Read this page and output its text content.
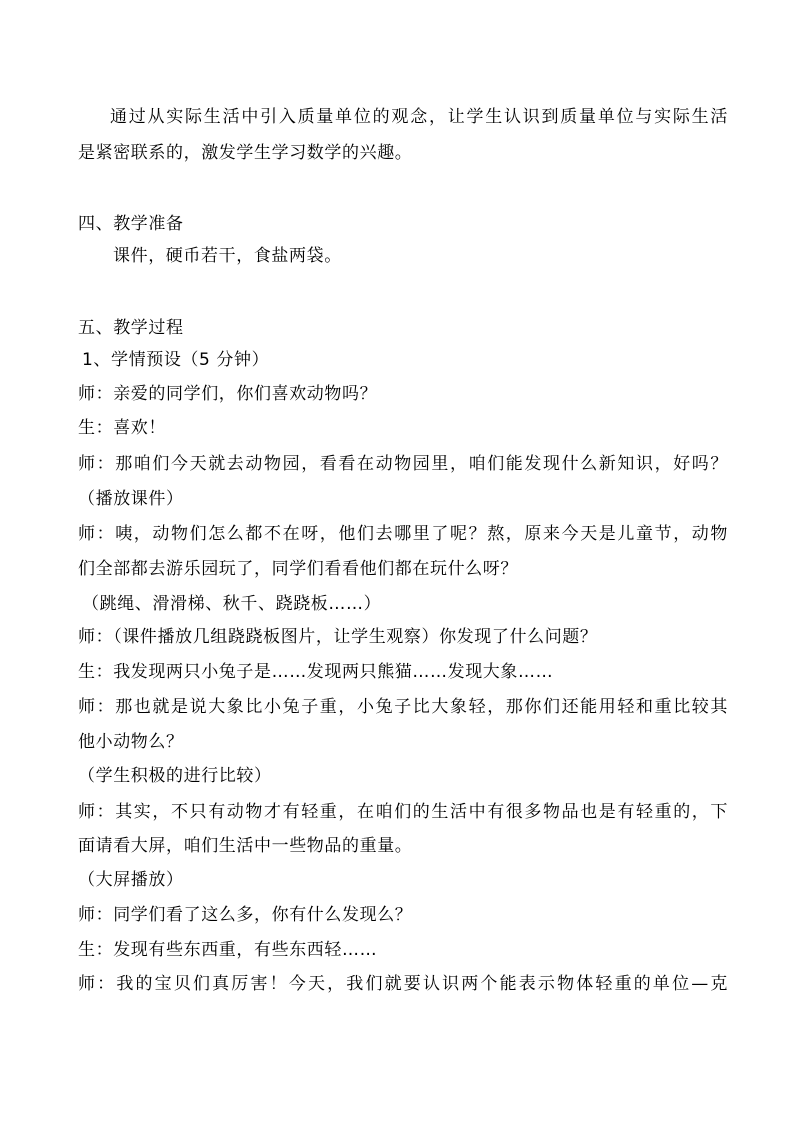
通过从实际生活中引入质量单位的观念，让学生认识到质量单位与实际生活
是紧密联系的，激发学生学习数学的兴趣。
四、教学准备
课件，硬币若干，食盐两袋。
五、教学过程
1、学情预设（5 分钟）
师：亲爱的同学们，你们喜欢动物吗？
生：喜欢！
师：那咱们今天就去动物园，看看在动物园里，咱们能发现什么新知识，好吗？
（播放课件）
师：咦，动物们怎么都不在呀，他们去哪里了呢？熬，原来今天是儿童节，动物
们全部都去游乐园玩了，同学们看看他们都在玩什么呀？
（跳绳、滑滑梯、秋千、跷跷板……）
师：（课件播放几组跷跷板图片，让学生观察）你发现了什么问题？
生：我发现两只小兔子是……发现两只熊猫……发现大象……
师：那也就是说大象比小兔子重，小兔子比大象轻，那你们还能用轻和重比较其
他小动物么？
（学生积极的进行比较）
师：其实，不只有动物才有轻重，在咱们的生活中有很多物品也是有轻重的，下
面请看大屏，咱们生活中一些物品的重量。
（大屏播放）
师：同学们看了这么多，你有什么发现么？
生：发现有些东西重，有些东西轻……
师：我的宝贝们真厉害！今天，我们就要认识两个能表示物体轻重的单位—克
